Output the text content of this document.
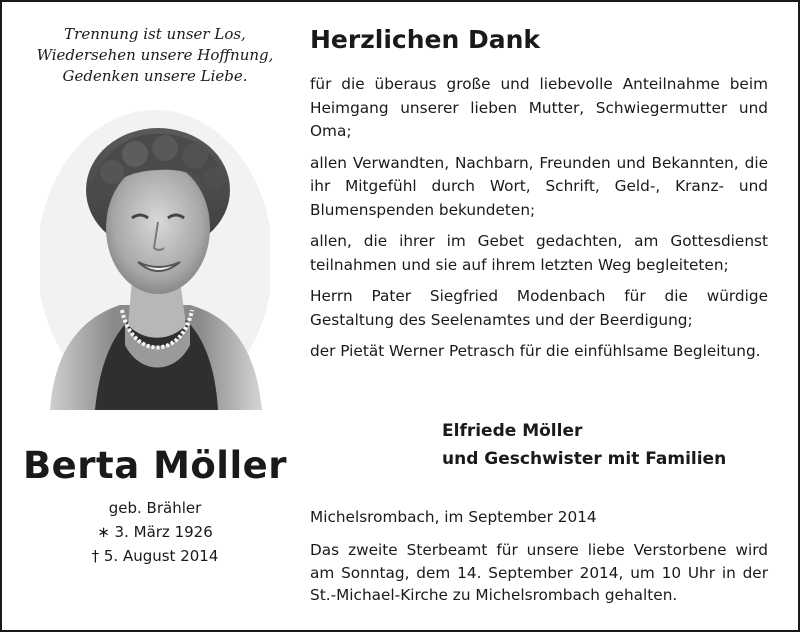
Trennung ist unser Los,
Wiedersehen unsere Hoffnung,
Gedenken unsere Liebe.
Berta Möller
geb. Brähler
∗ 3. März 1926
† 5. August 2014
Herzlichen Dank

für die überaus große und liebevolle Anteilnahme beim Heimgang unserer lieben Mutter, Schwiegermutter und Oma;

allen Verwandten, Nachbarn, Freunden und Bekannten, die ihr Mitgefühl durch Wort, Schrift, Geld-, Kranz- und Blumenspenden bekundeten;

allen, die ihrer im Gebet gedachten, am Gottesdienst teilnahmen und sie auf ihrem letzten Weg begleiteten;

Herrn Pater Siegfried Modenbach für die würdige Gestaltung des Seelenamtes und der Beerdigung;

der Pietät Werner Petrasch für die einfühlsame Begleitung.

Elfriede Möller
und Geschwister mit Familien
Michelsrombach, im September 2014
Das zweite Sterbeamt für unsere liebe Verstorbene wird am Sonntag, dem 14. September 2014, um 10 Uhr in der St.-Michael-Kirche zu Michelsrombach gehalten.
